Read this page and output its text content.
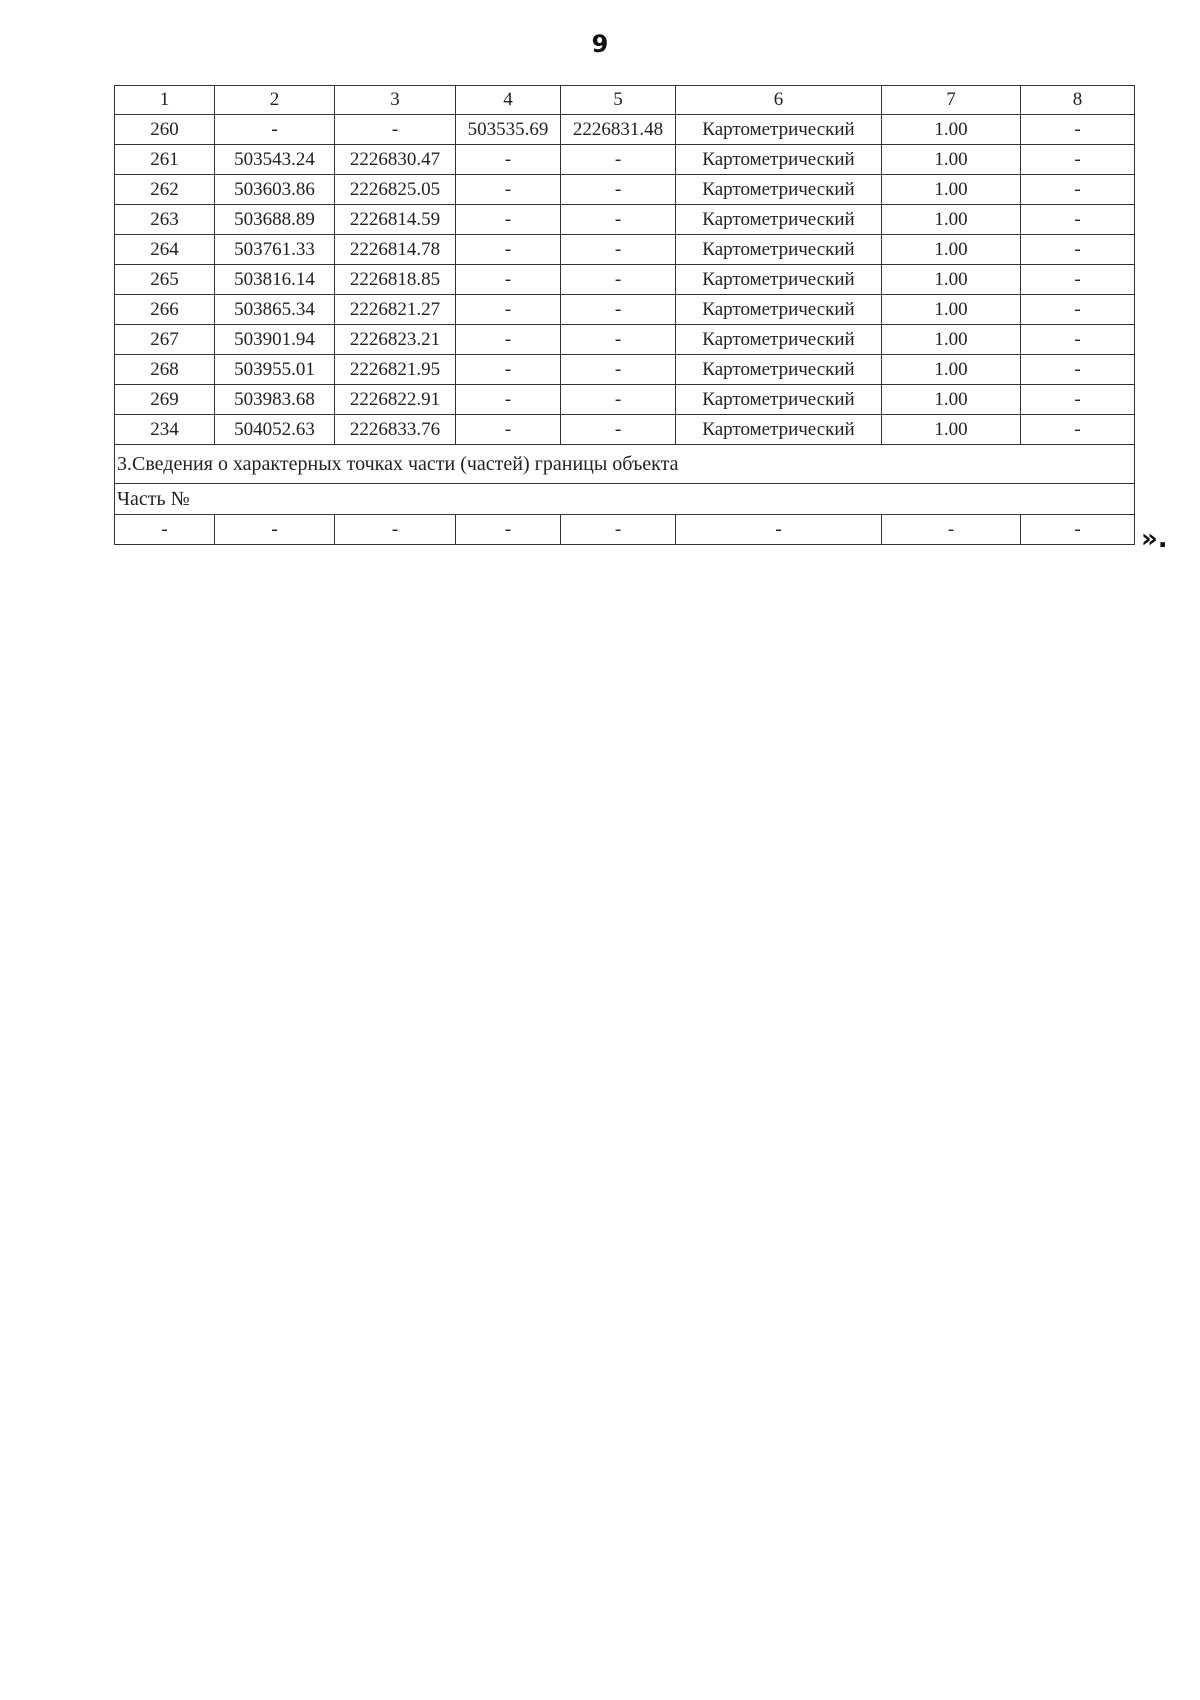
9
1	2	3	4	5	6	7	8
260	-	-	503535.69	2226831.48	Картометрический	1.00	-
261	503543.24	2226830.47	-	-	Картометрический	1.00	-
262	503603.86	2226825.05	-	-	Картометрический	1.00	-
263	503688.89	2226814.59	-	-	Картометрический	1.00	-
264	503761.33	2226814.78	-	-	Картометрический	1.00	-
265	503816.14	2226818.85	-	-	Картометрический	1.00	-
266	503865.34	2226821.27	-	-	Картометрический	1.00	-
267	503901.94	2226823.21	-	-	Картометрический	1.00	-
268	503955.01	2226821.95	-	-	Картометрический	1.00	-
269	503983.68	2226822.91	-	-	Картометрический	1.00	-
234	504052.63	2226833.76	-	-	Картометрический	1.00	-
3.Сведения о характерных точках части (частей) границы объекта							
Часть №							
-	-	-	-	-	-	-	- ».
